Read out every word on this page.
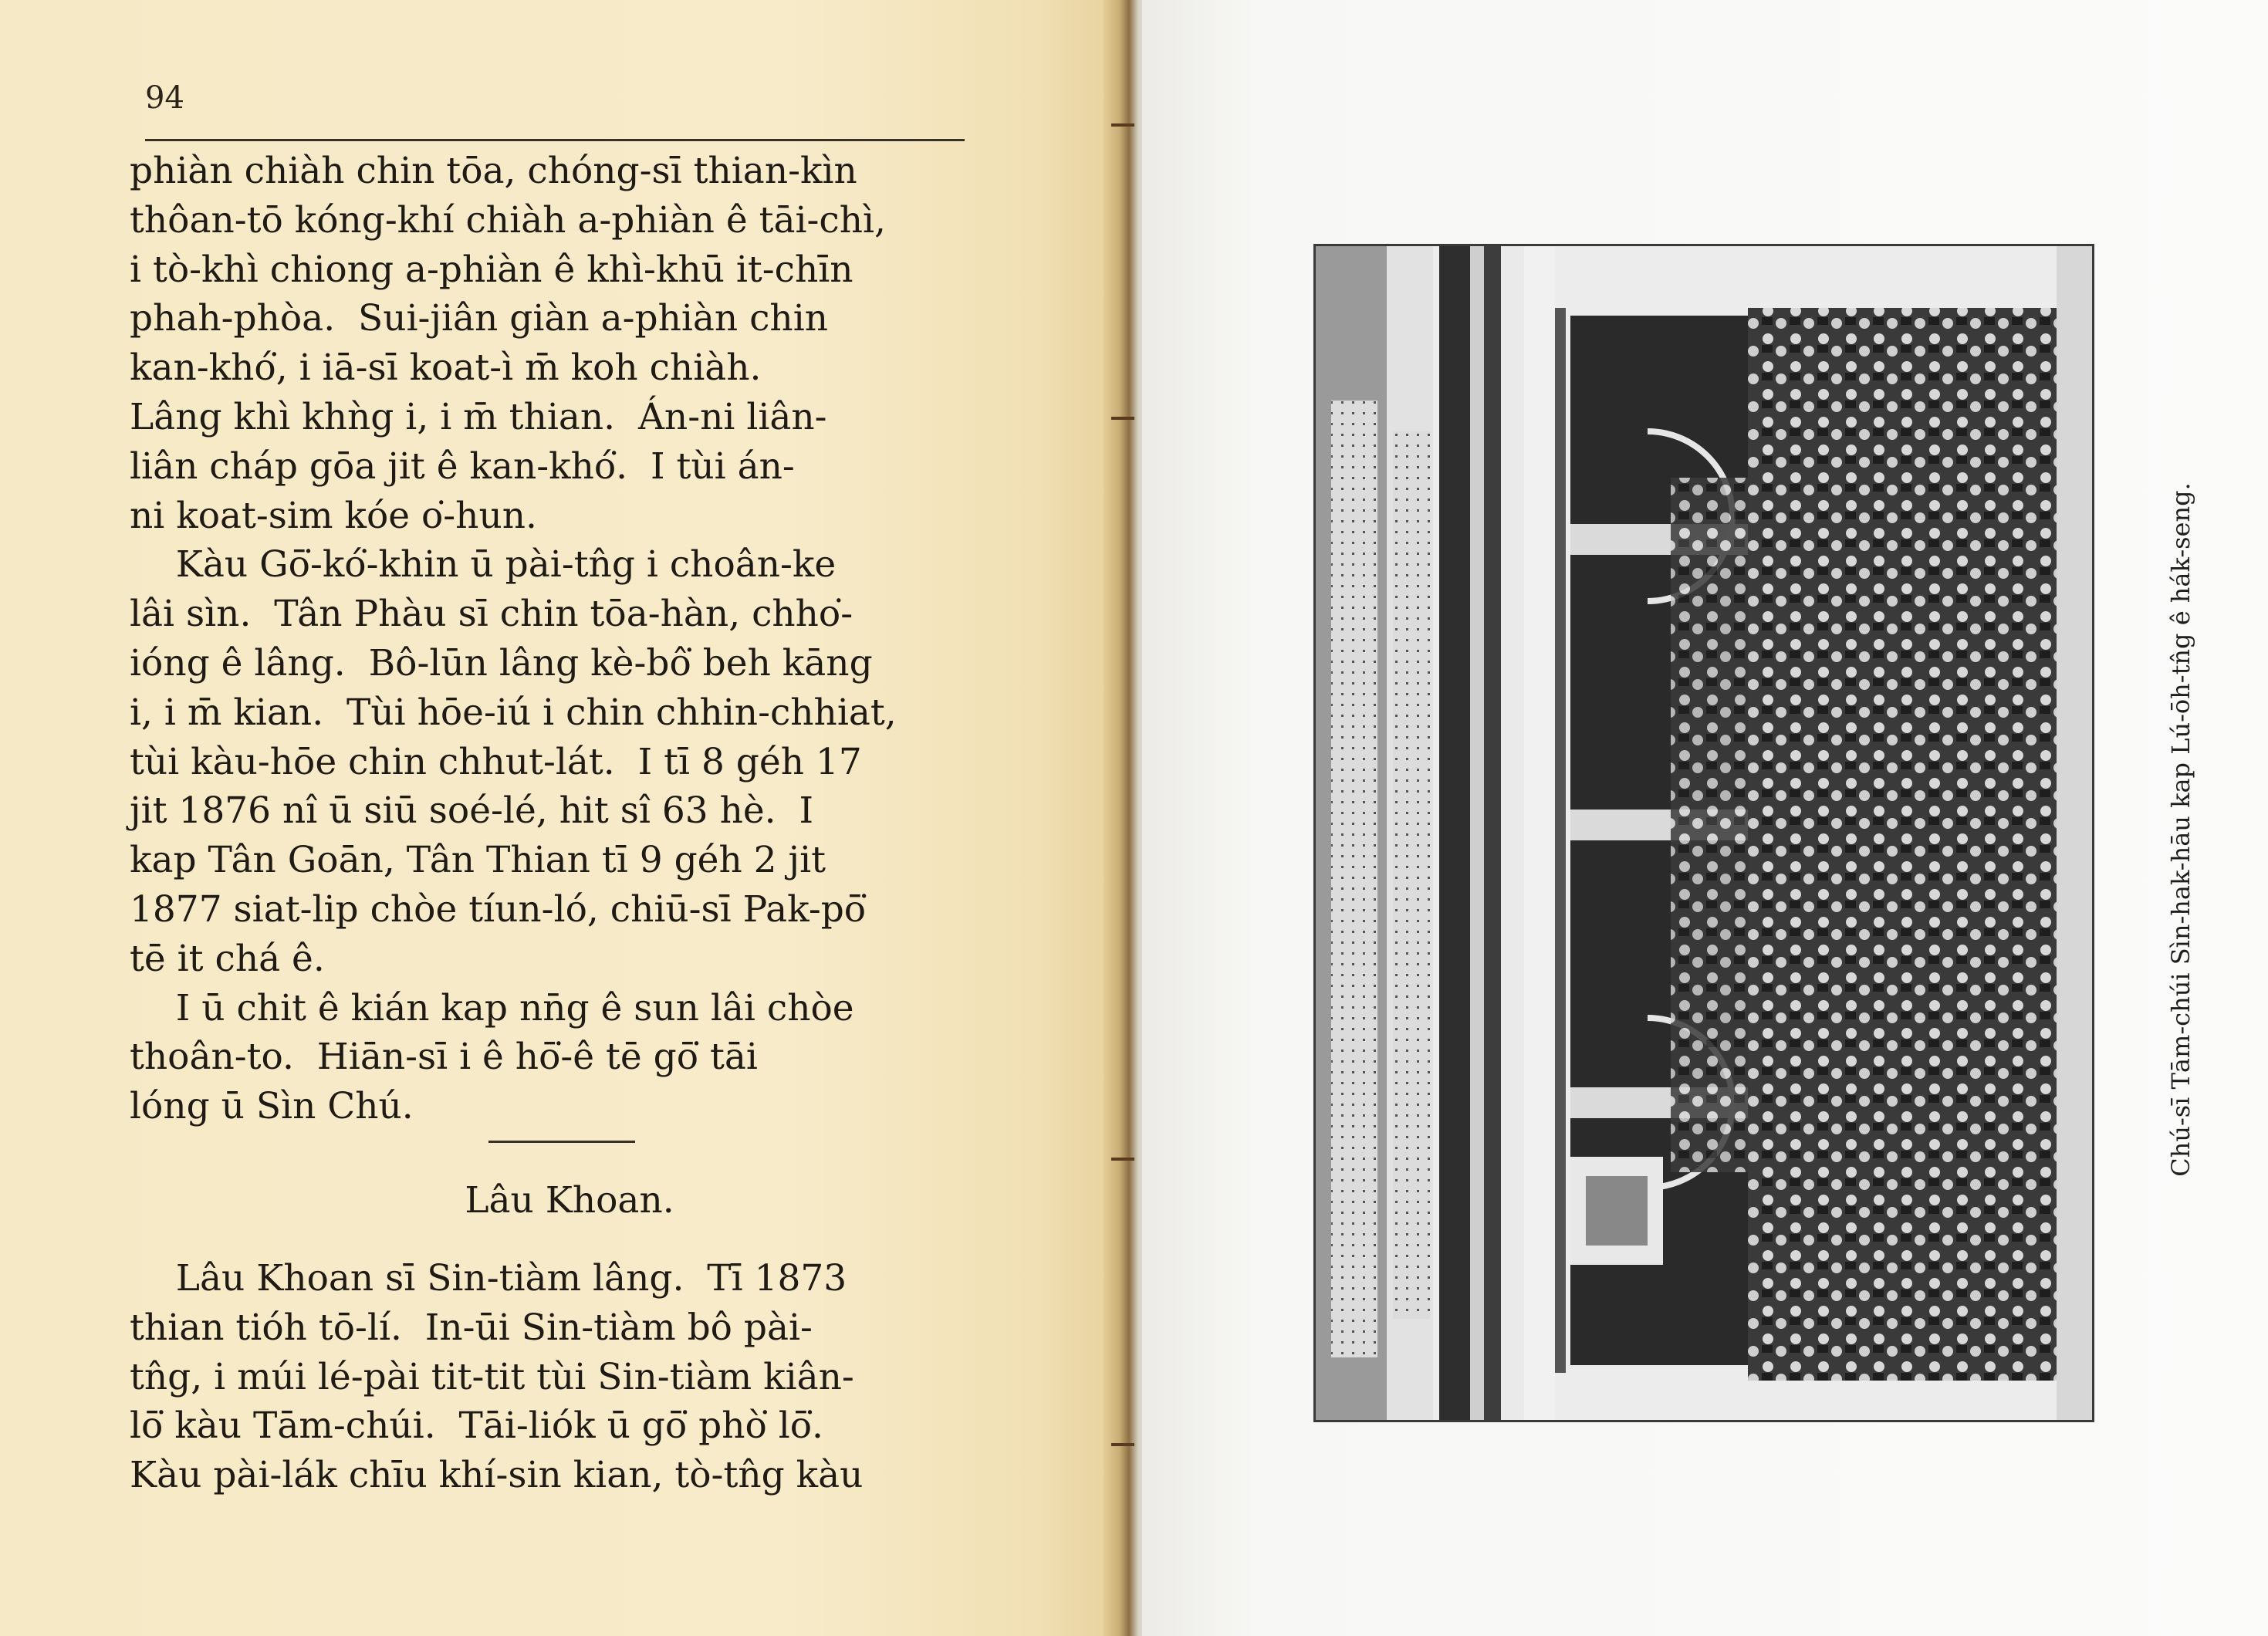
94
phiàn chiàh chin tōa, chóng-sī thian-kìn
thôan-tō kóng-khí chiàh a-phiàn ê tāi-chì,
i tò-khì chiong a-phiàn ê khì-khū it-chīn
phah-phòa.  Sui-jiân giàn a-phiàn chin
kan-khó͘, i iā-sī koat-ì m̄ koh chiàh.
Lâng khì khǹg i, i m̄ thian.  Án-ni liân-
liân cháp gōa jit ê kan-khó͘.  I tùi án-
ni koat-sim kóe o͘-hun.
Kàu Gō͘-kó͘-khin ū pài-tn̂g i choân-ke
lâi sìn.  Tân Phàu sī chin tōa-hàn, chho͘-
ióng ê lâng.  Bô-lūn lâng kè-bô͘ beh kāng
i, i m̄ kian.  Tùi hōe-iú i chin chhin-chhiat,
tùi kàu-hōe chin chhut-lát.  I tī 8 géh 17
jit 1876 nî ū siū soé-lé, hit sî 63 hè.  I
kap Tân Goān, Tân Thian tī 9 géh 2 jit
1877 siat-lip chòe tíun-ló, chiū-sī Pak-pō͘
tē it chá ê.
I ū chit ê kián kap nn̄g ê sun lâi chòe
thoân-to.  Hiān-sī i ê hō͘-ê tē gō͘ tāi
lóng ū Sìn Chú.
Lâu Khoan.
Lâu Khoan sī Sin-tiàm lâng.  Tī 1873
thian tióh tō-lí.  In-ūi Sin-tiàm bô pài-
tn̂g, i múi lé-pài tit-tit tùi Sin-tiàm kiân-
lō͘ kàu Tām-chúi.  Tāi-liók ū gō͘ phò͘ lō͘.
Kàu pài-lák chīu khí-sin kian, tò-tn̂g kàu
Chú-sī Tām-chúi Sìn-hak-hāu kap Lú-ōh-tn̂g ê hák-seng.
